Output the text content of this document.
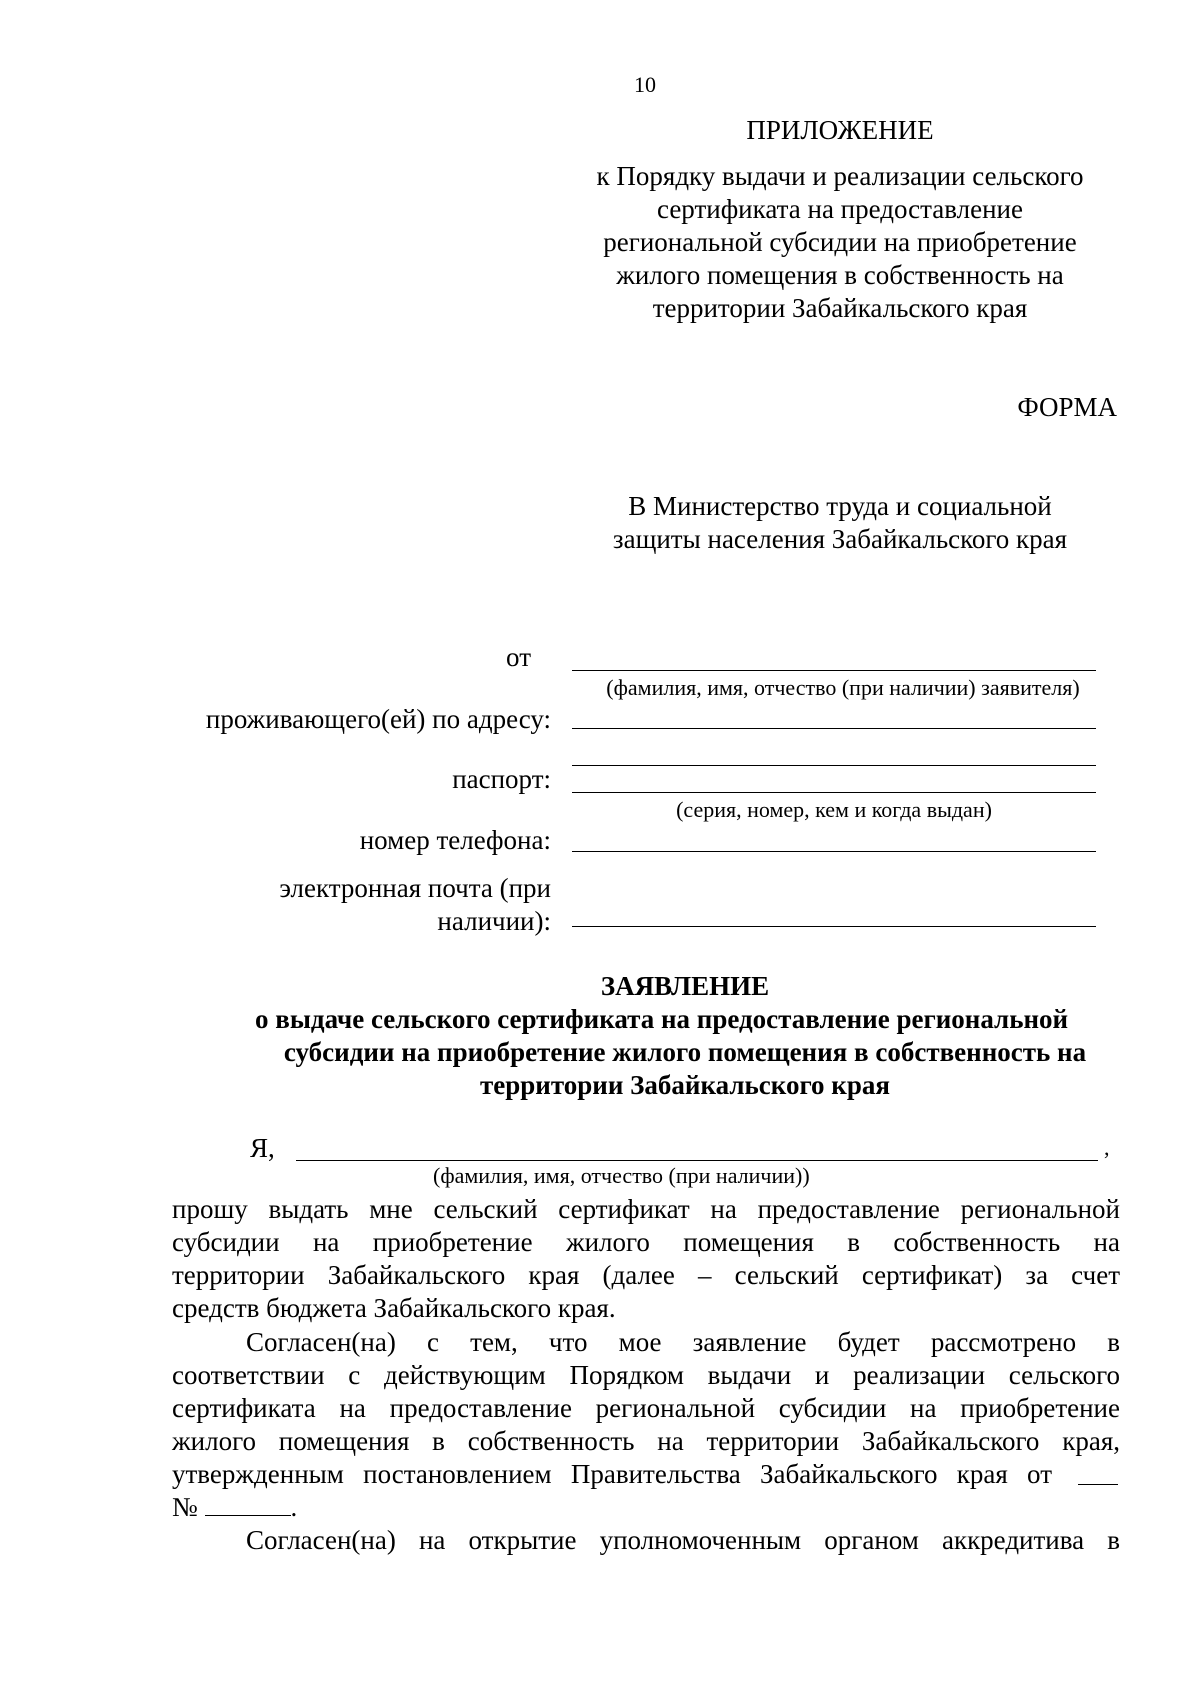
10
ПРИЛОЖЕНИЕ
к Порядку выдачи и реализации сельского
сертификата на предоставление
региональной субсидии на приобретение
жилого помещения в собственность на
территории Забайкальского края
ФОРМА
В Министерство труда и социальной
защиты населения Забайкальского края
от
(фамилия, имя, отчество (при наличии) заявителя)
проживающего(ей) по адресу:
паспорт:
(серия, номер, кем и когда выдан)
номер телефона:
электронная почта (при
наличии):
ЗАЯВЛЕНИЕ
о выдаче сельского сертификата на предоставление региональной
субсидии на приобретение жилого помещения в собственность на
территории Забайкальского края
Я,	,
(фамилия, имя, отчество (при наличии))
прошу выдать мне сельский сертификат на предоставление региональной
субсидии на приобретение жилого помещения в собственность на
территории Забайкальского края (далее – сельский сертификат) за счет
средств бюджета Забайкальского края.
Согласен(на) с тем, что мое заявление будет рассмотрено в
соответствии с действующим Порядком выдачи и реализации сельского
сертификата на предоставление региональной субсидии на приобретение
жилого помещения в собственность на территории Забайкальского края,
утвержденным постановлением Правительства Забайкальского края от
№	.
Согласен(на) на открытие уполномоченным органом аккредитива в
